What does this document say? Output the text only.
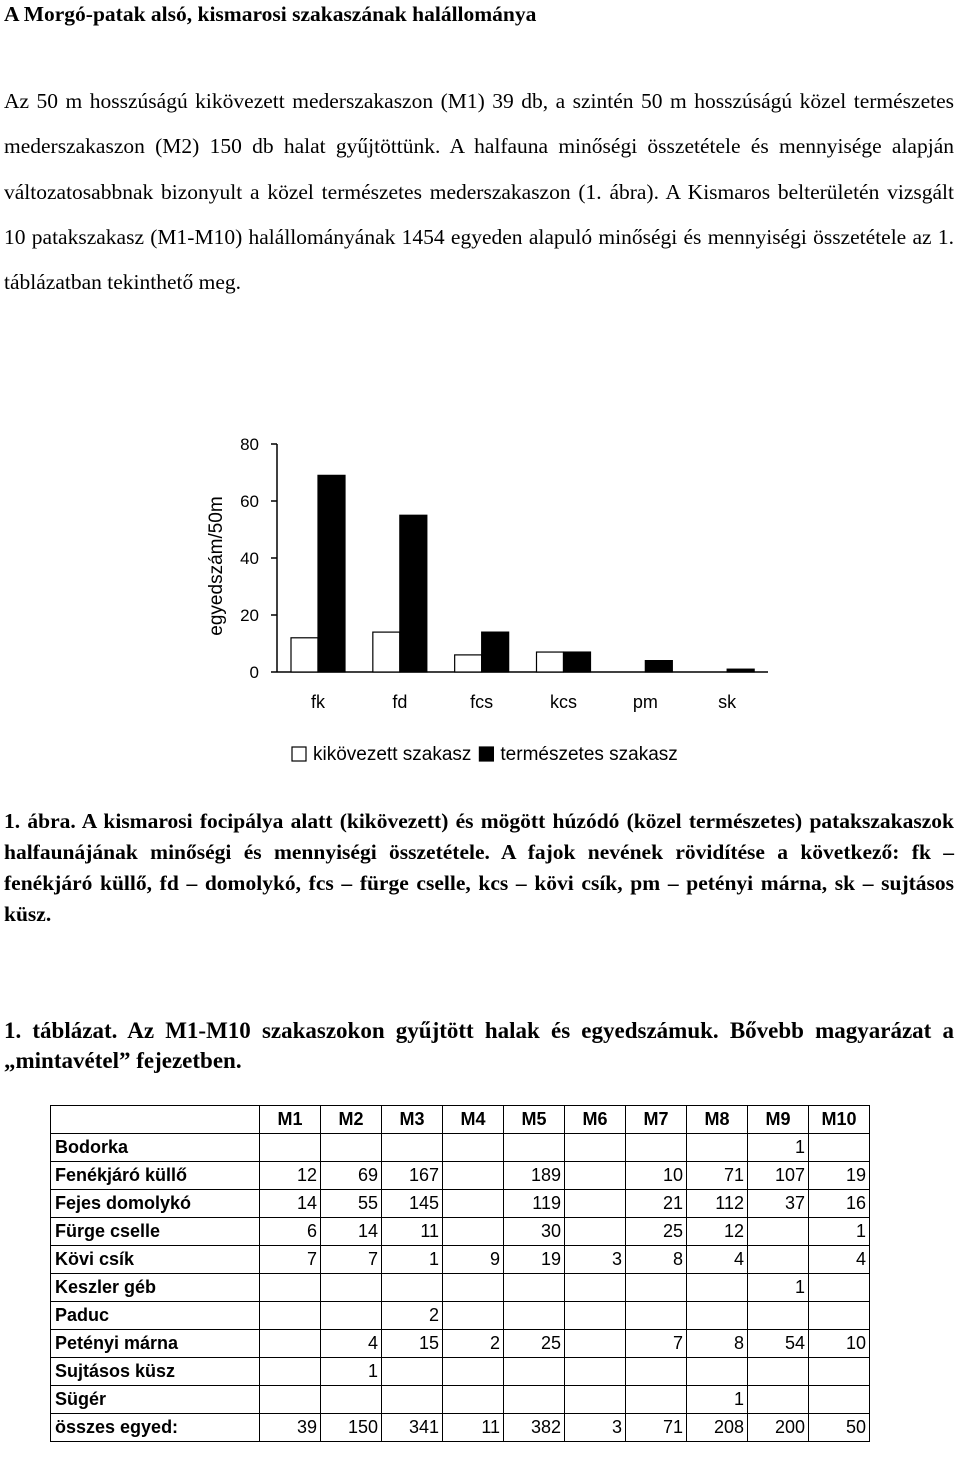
A Morgó-patak alsó, kismarosi szakaszának halállománya

Az 50 m hosszúságú kikövezett mederszakaszon (M1) 39 db, a szintén 50 m hosszúságú közel természetes mederszakaszon (M2) 150 db halat gyűjtöttünk. A halfauna minőségi összetétele és mennyisége alapján változatosabbnak bizonyult a közel természetes mederszakaszon (1. ábra). A Kismaros belterületén vizsgált 10 patakszakasz (M1-M10) halállományának 1454 egyeden alapuló minőségi és mennyiségi összetétele az 1. táblázatban tekinthető meg.

0
20
40
60
80
egyedszám/50m
fk	fd	fcs	kcs	pm	sk
kikövezett szakasz természetes szakasz

1. ábra. A kismarosi focipálya alatt (kikövezett) és mögött húzódó (közel természetes) patakszakaszok halfaunájának minőségi és mennyiségi összetétele. A fajok nevének rövidítése a következő: fk – fenékjáró küllő, fd – domolykó, fcs – fürge cselle, kcs – kövi csík, pm – petényi márna, sk – sujtásos küsz.

1. táblázat. Az M1-M10 szakaszokon gyűjtött halak és egyedszámuk. Bővebb magyarázat a „mintavétel” fejezetben.

	M1	M2	M3	M4	M5	M6	M7	M8	M9	M10
Bodorka									1	
Fenékjáró küllő	12	69	167		189		10	71	107	19
Fejes domolykó	14	55	145		119		21	112	37	16
Fürge cselle	6	14	11		30		25	12		1
Kövi csík	7	7	1	9	19	3	8	4		4
Keszler géb									1	
Paduc			2							
Petényi márna		4	15	2	25		7	8	54	10
Sujtásos küsz		1								
Sügér								1		
összes egyed:	39	150	341	11	382	3	71	208	200	50
